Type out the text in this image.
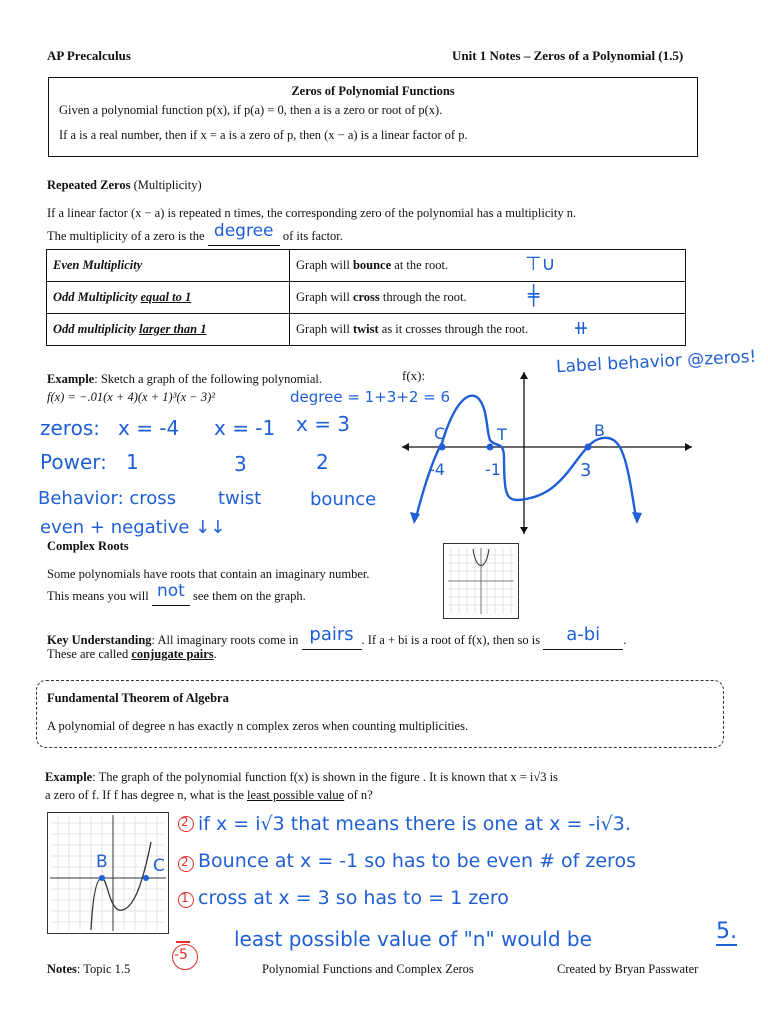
AP Precalculus	Unit 1 Notes – Zeros of a Polynomial (1.5)
Zeros of Polynomial Functions
Given a polynomial function p(x), if p(a) = 0, then a is a zero or root of p(x).
If a is a real number, then if x = a is a zero of p, then (x − a) is a linear factor of p.
Repeated Zeros (Multiplicity)
If a linear factor (x − a) is repeated n times, the corresponding zero of the polynomial has a multiplicity n.
The multiplicity of a zero is the degree of its factor.
Even Multiplicity	Graph will bounce at the root. ⊤∪

Odd Multiplicity equal to 1	Graph will cross through the root. ╪

Odd multiplicity larger than 1	Graph will twist as it crosses through the root. ⧺
Label behavior @zeros!
Example: Sketch a graph of the following polynomial.
f(x) = −.01(x + 4)(x + 1)³(x − 3)²
f(x):
degree = 1+3+2 = 6
zeros: x = -4 x = -1 x = 3
Power: 1	3	2
Behavior: cross twist	bounce
even + negative ↓↓
C	T	B
-4	-1	3
Complex Roots
Some polynomials have roots that contain an imaginary number.
This means you will not see them on the graph.
Key Understanding: All imaginary roots come in pairs . If a + bi is a root of f(x), then so is a-bi .
These are called conjugate pairs.
Fundamental Theorem of Algebra
A polynomial of degree n has exactly n complex zeros when counting multiplicities.
Example: The graph of the polynomial function f(x) is shown in the figure . It is known that x = i√3 is
a zero of f. If f has degree n, what is the least possible value of n?
B	C
2 if x = i√3 that means there is one at x = -i√3.
2 Bounce at x = -1 so has to be even # of zeros
1 cross at x = 3 so has to = 1 zero
least possible value of "n" would be	5.
-5
Notes: Topic 1.5	Polynomial Functions and Complex Zeros	Created by Bryan Passwater
